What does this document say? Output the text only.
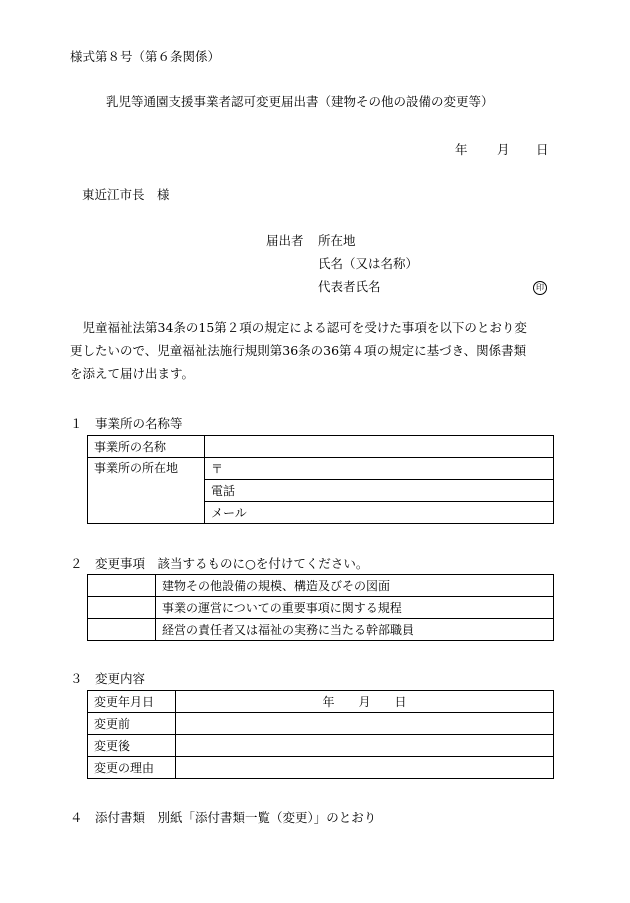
様式第８号（第６条関係）
乳児等通園支援事業者認可変更届出書（建物その他の設備の変更等）
年 月 日
東近江市長　様
届出者 所在地
氏名（又は名称）
代表者氏名	印
　児童福祉法第34条の15第２項の規定による認可を受けた事項を以下のとおり変
更したいので、児童福祉法施行規則第36条の36第４項の規定に基づき、関係書類
を添えて届け出ます。
１　事業所の名称等
事業所の名称	
事業所の所在地	〒
	電話
	メール
２　変更事項　該当するものに○を付けてください。
	建物その他設備の規模、構造及びその図面
	事業の運営についての重要事項に関する規程
	経営の責任者又は福祉の実務に当たる幹部職員
３　変更内容
変更年月日	年　　月　　日
変更前	
変更後	
変更の理由	
４　添付書類　別紙「添付書類一覧（変更）」のとおり
